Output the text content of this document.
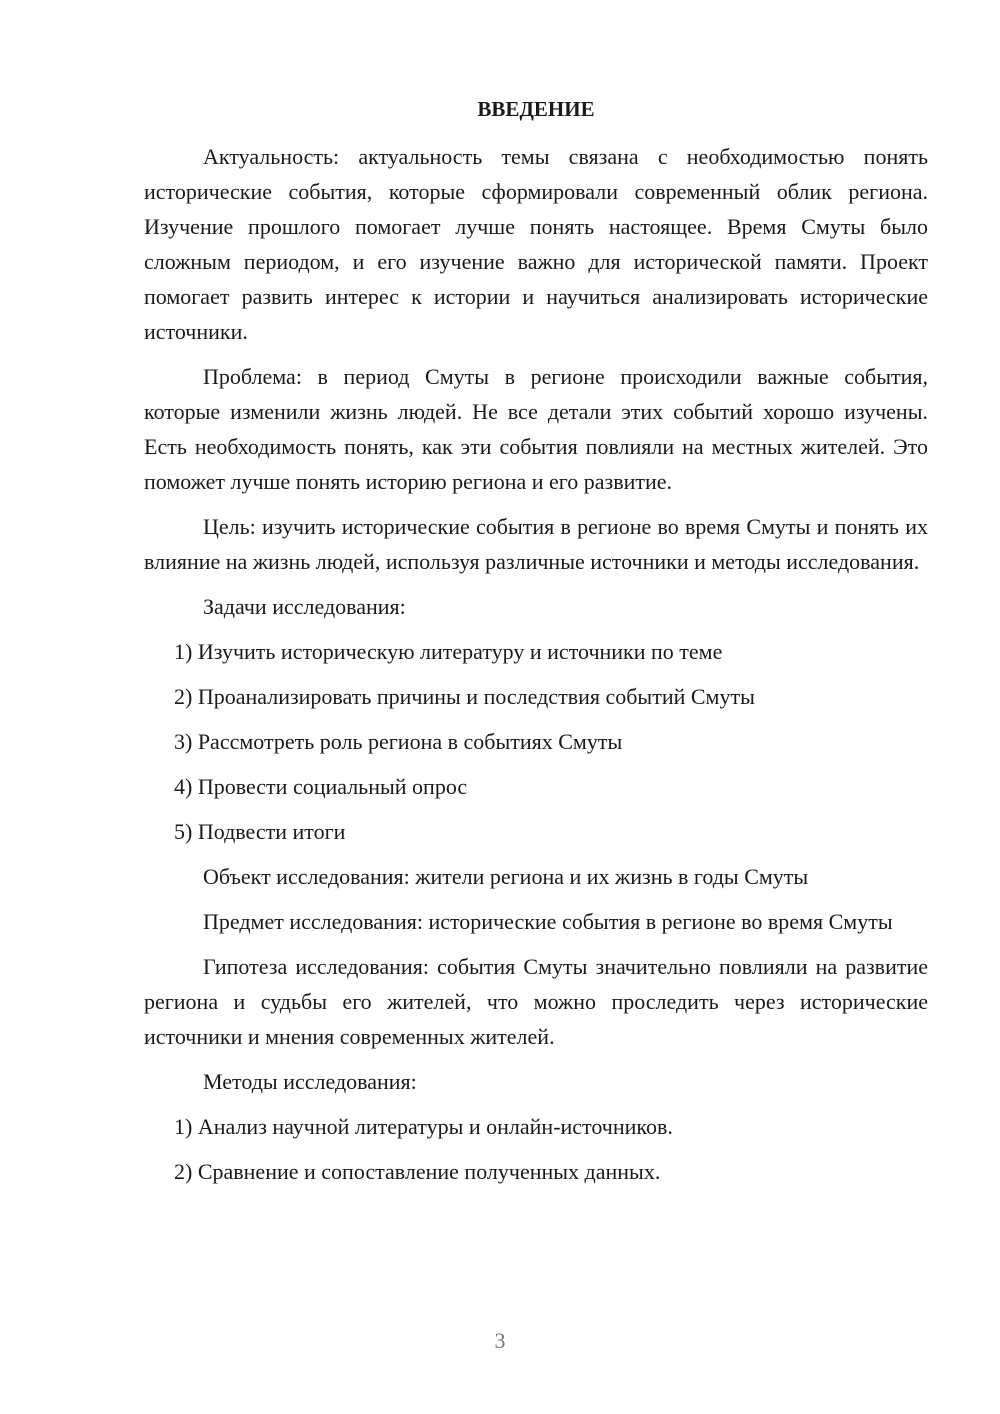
ВВЕДЕНИЕ
Актуальность: актуальность темы связана с необходимостью понять исторические события, которые сформировали современный облик региона. Изучение прошлого помогает лучше понять настоящее. Время Смуты было сложным периодом, и его изучение важно для исторической памяти. Проект помогает развить интерес к истории и научиться анализировать исторические источники.
Проблема: в период Смуты в регионе происходили важные события, которые изменили жизнь людей. Не все детали этих событий хорошо изучены. Есть необходимость понять, как эти события повлияли на местных жителей. Это поможет лучше понять историю региона и его развитие.
Цель: изучить исторические события в регионе во время Смуты и понять их влияние на жизнь людей, используя различные источники и методы исследования.
Задачи исследования:
1) Изучить историческую литературу и источники по теме
2) Проанализировать причины и последствия событий Смуты
3) Рассмотреть роль региона в событиях Смуты
4) Провести социальный опрос
5) Подвести итоги
Объект исследования: жители региона и их жизнь в годы Смуты
Предмет исследования: исторические события в регионе во время Смуты
Гипотеза исследования: события Смуты значительно повлияли на развитие региона и судьбы его жителей, что можно проследить через исторические источники и мнения современных жителей.
Методы исследования:
1) Анализ научной литературы и онлайн-источников.
2) Сравнение и сопоставление полученных данных.
3
